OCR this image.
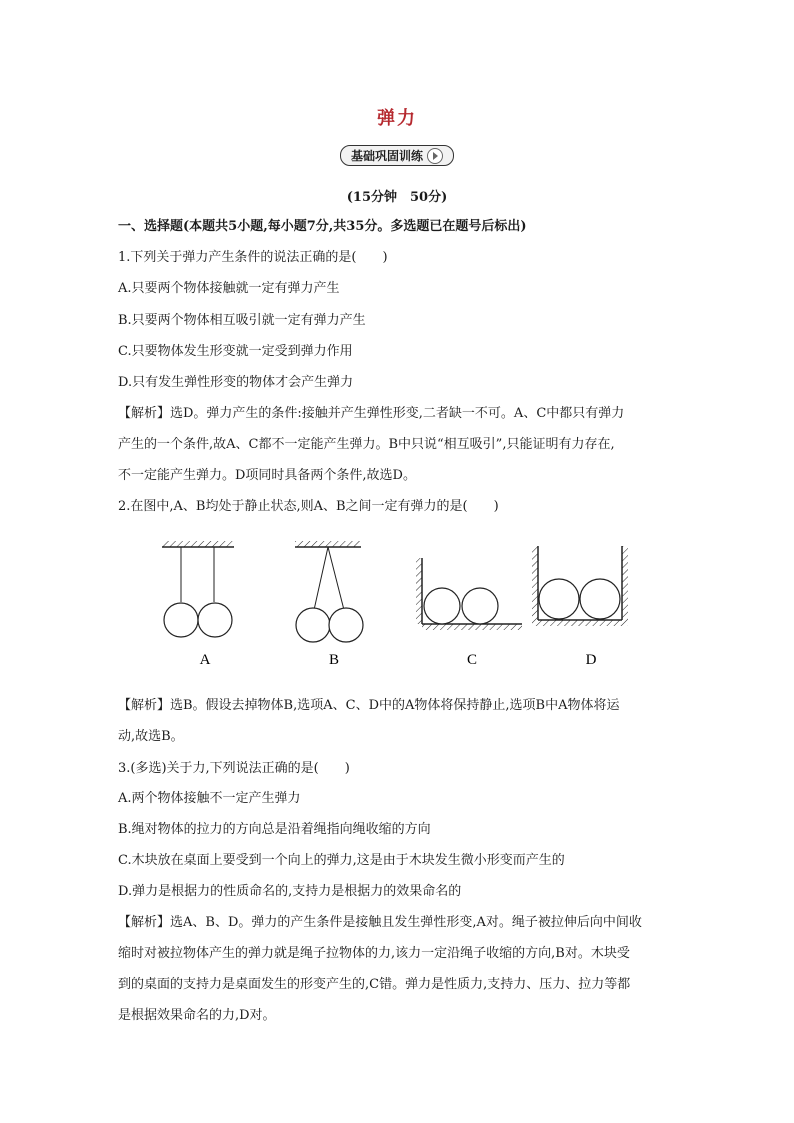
弹力
基础巩固训练
(15分钟　50分)
一、选择题(本题共5小题,每小题7分,共35分。多选题已在题号后标出)
1.下列关于弹力产生条件的说法正确的是(　　)
A.只要两个物体接触就一定有弹力产生
B.只要两个物体相互吸引就一定有弹力产生
C.只要物体发生形变就一定受到弹力作用
D.只有发生弹性形变的物体才会产生弹力
【解析】选D。弹力产生的条件:接触并产生弹性形变,二者缺一不可。A、C中都只有弹力
产生的一个条件,故A、C都不一定能产生弹力。B中只说“相互吸引”,只能证明有力存在,
不一定能产生弹力。D项同时具备两个条件,故选D。
2.在图中,A、B均处于静止状态,则A、B之间一定有弹力的是(　　)
A	B	C	D
【解析】选B。假设去掉物体B,选项A、C、D中的A物体将保持静止,选项B中A物体将运
动,故选B。
3.(多选)关于力,下列说法正确的是(　　)
A.两个物体接触不一定产生弹力
B.绳对物体的拉力的方向总是沿着绳指向绳收缩的方向
C.木块放在桌面上要受到一个向上的弹力,这是由于木块发生微小形变而产生的
D.弹力是根据力的性质命名的,支持力是根据力的效果命名的
【解析】选A、B、D。弹力的产生条件是接触且发生弹性形变,A对。绳子被拉伸后向中间收
缩时对被拉物体产生的弹力就是绳子拉物体的力,该力一定沿绳子收缩的方向,B对。木块受
到的桌面的支持力是桌面发生的形变产生的,C错。弹力是性质力,支持力、压力、拉力等都
是根据效果命名的力,D对。
